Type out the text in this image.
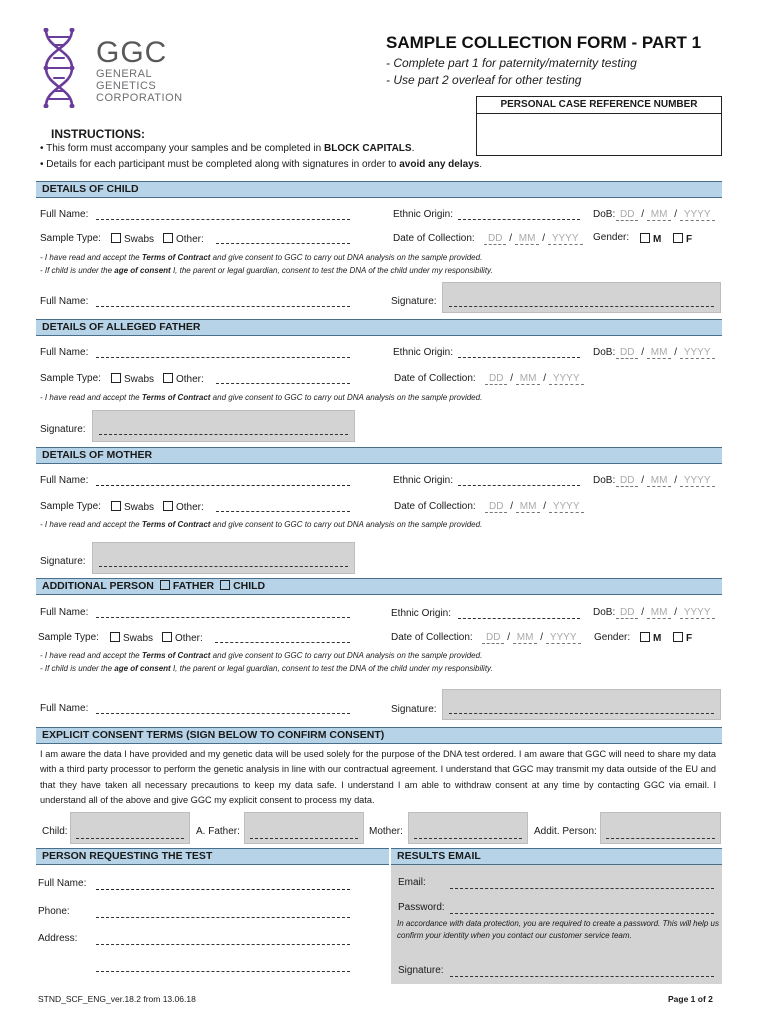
GGC
GENERAL
GENETICS
CORPORATION
SAMPLE COLLECTION FORM - PART 1
- Complete part 1 for paternity/maternity testing
- Use part 2 overleaf for other testing
PERSONAL CASE REFERENCE NUMBER
INSTRUCTIONS:
• This form must accompany your samples and be completed in BLOCK CAPITALS.
• Details for each participant must be completed along with signatures in order to avoid any delays.
DETAILS OF CHILD
Full Name:	Ethnic Origin:	DoB: DD / MM / YYYY
Sample Type:	Swabs	Other:	Date of Collection:	DD / MM / YYYY	Gender:	M	F
- I have read and accept the Terms of Contract and give consent to GGC to carry out DNA analysis on the sample provided.
- If child is under the age of consent I, the parent or legal guardian, consent to test the DNA of the child under my responsibility.
Full Name:	Signature:
DETAILS OF ALLEGED FATHER
Full Name:	Ethnic Origin:	DoB: DD / MM / YYYY
Sample Type:	Swabs	Other:	Date of Collection:	DD / MM / YYYY
- I have read and accept the Terms of Contract and give consent to GGC to carry out DNA analysis on the sample provided.
Signature:
DETAILS OF MOTHER
Full Name:	Ethnic Origin:	DoB: DD / MM / YYYY
Sample Type:	Swabs	Other:	Date of Collection:	DD / MM / YYYY
- I have read and accept the Terms of Contract and give consent to GGC to carry out DNA analysis on the sample provided.
Signature:
ADDITIONAL PERSON	FATHER	CHILD
Full Name:	Ethnic Origin:	DoB: DD / MM / YYYY
Sample Type:	Swabs	Other:	Date of Collection:	DD / MM / YYYY	Gender:	M	F
- I have read and accept the Terms of Contract and give consent to GGC to carry out DNA analysis on the sample provided.
- If child is under the age of consent I, the parent or legal guardian, consent to test the DNA of the child under my responsibility.
Full Name:	Signature:
EXPLICIT CONSENT TERMS (SIGN BELOW TO CONFIRM CONSENT)
I am aware the data I have provided and my genetic data will be used solely for the purpose of the DNA test ordered. I am aware that GGC will need to share my data with a third party processor to perform the genetic analysis in line with our contractual agreement. I understand that GGC may transmit my data outside of the EU and that they have taken all necessary precautions to keep my data safe. I understand I am able to withdraw consent at any time by contacting GGC via email. I understand all of the above and give GGC my explicit consent to process my data.
Child:	A. Father:	Mother:	Addit. Person:
PERSON REQUESTING THE TEST	RESULTS EMAIL
Full Name:
Phone:
Address:
Email:
Password:
In accordance with data protection, you are required to create a password. This will help us confirm your identity when you contact our customer service team.
Signature:
STND_SCF_ENG_ver.18.2 from 13.06.18	Page 1 of 2
